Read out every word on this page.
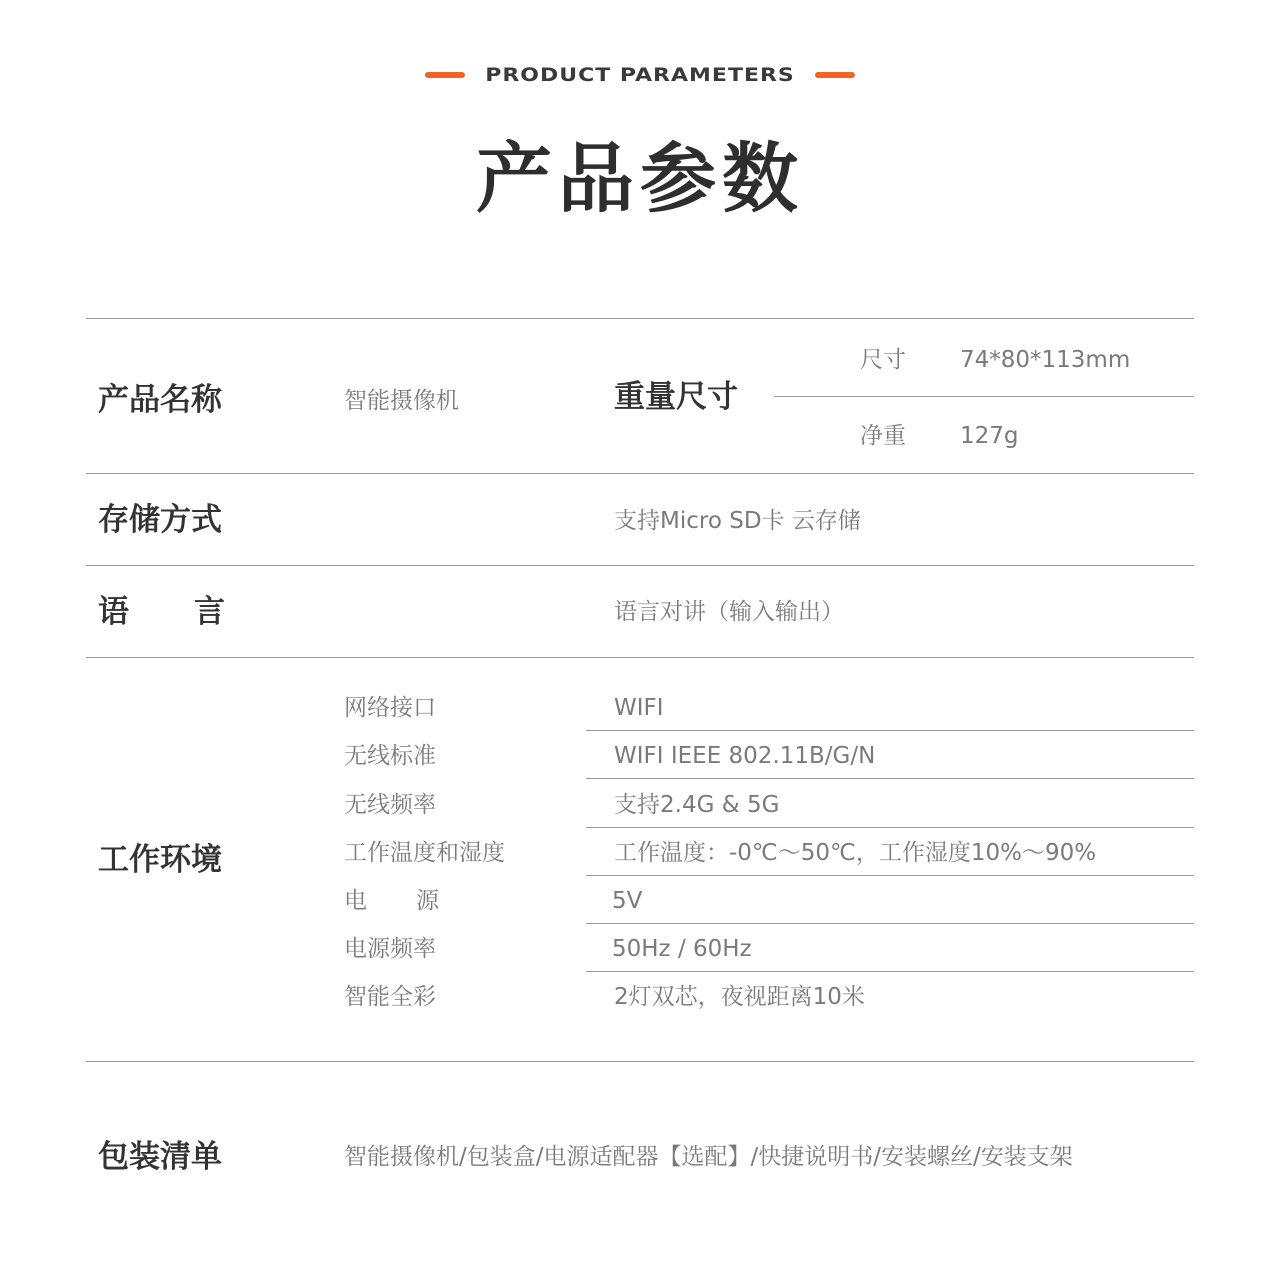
PRODUCT PARAMETERS
产品参数
产品名称	智能摄像机	重量尺寸
尺寸 74*80*113mm
净重 127g
存储方式	支持Micro SD卡 云存储
语 言	语言对讲（输入输出）
工作环境
网络接口	WIFI
无线标准	WIFI IEEE 802.11B/G/N
无线频率	支持2.4G & 5G
工作温度和湿度	工作温度：-0℃～50℃，工作湿度10%～90%
电 源	5V
电源频率	50Hz / 60Hz
智能全彩	2灯双芯，夜视距离10米
包装清单	智能摄像机/包装盒/电源适配器【选配】/快捷说明书/安装螺丝/安装支架
